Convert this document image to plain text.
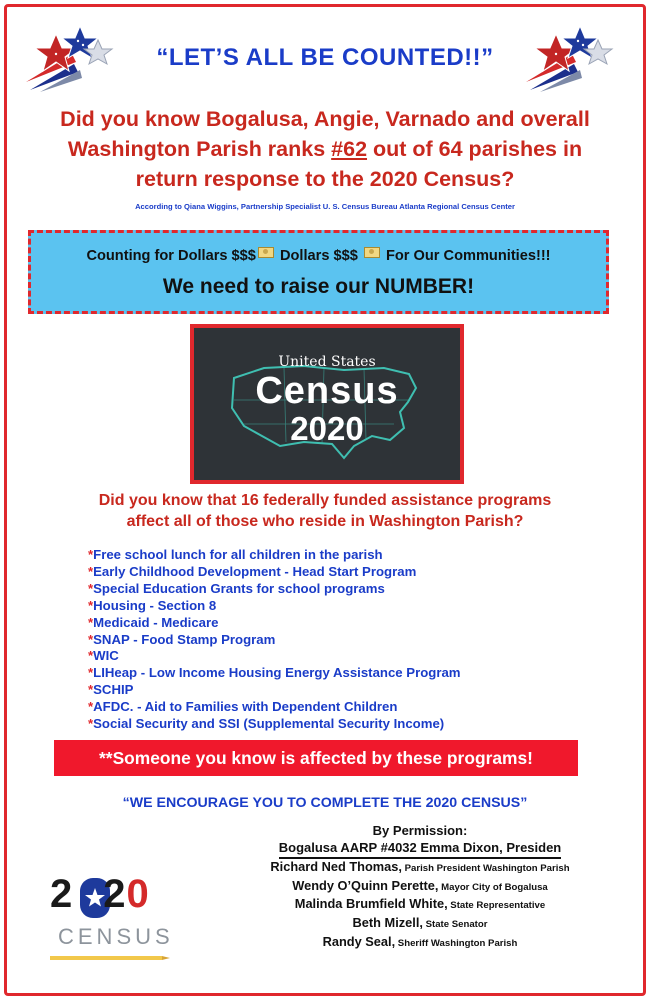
“LET’S ALL BE COUNTED!!”
Did you know Bogalusa, Angie, Varnado and overall
Washington Parish ranks #62 out of 64 parishes in
return response to the 2020 Census?
According to Qiana Wiggins, Partnership Specialist U. S. Census Bureau Atlanta Regional Census Center
Counting for Dollars $$$ Dollars $$$  For Our Communities!!!
We need to raise our NUMBER!
United States
Census
2020
Did you know that 16 federally funded assistance programs
affect all of those who reside in Washington Parish?
*Free school lunch for all children in the parish
*Early Childhood Development - Head Start Program
*Special Education Grants for school programs
*Housing - Section 8
*Medicaid - Medicare
*SNAP - Food Stamp Program
*WIC
*LIHeap - Low Income Housing Energy Assistance Program
*SCHIP
*AFDC. - Aid to Families with Dependent Children
*Social Security and SSI (Supplemental Security Income)
**Someone you know is affected by these programs!
“WE ENCOURAGE YOU TO COMPLETE THE 2020 CENSUS”
By Permission:
Bogalusa AARP #4032 Emma Dixon, Presiden
Richard Ned Thomas, Parish President Washington Parish
Wendy O’Quinn Perette, Mayor City of Bogalusa
Malinda Brumfield White, State Representative
Beth Mizell, State Senator
Randy Seal, Sheriff Washington Parish
2 20
CENSUS
